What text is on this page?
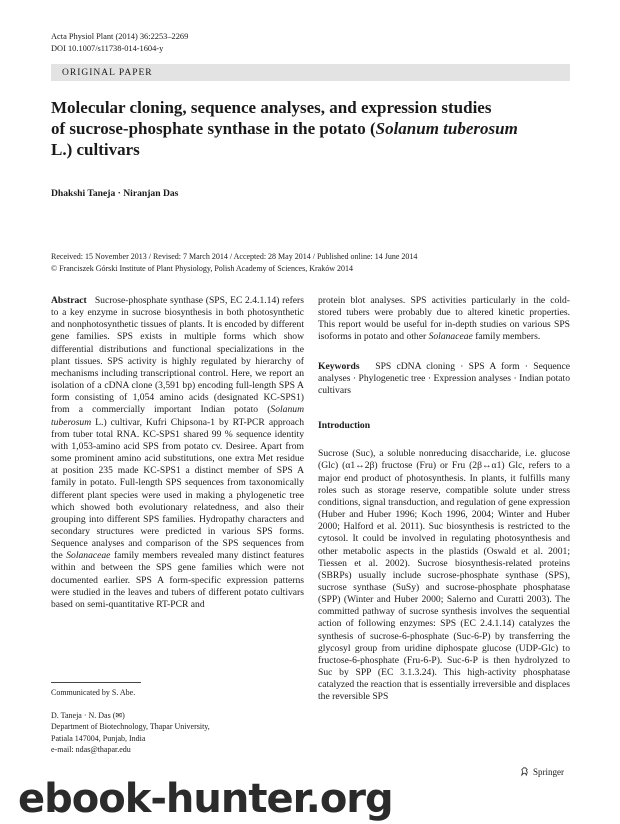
Acta Physiol Plant (2014) 36:2253–2269
DOI 10.1007/s11738-014-1604-y
ORIGINAL PAPER
Molecular cloning, sequence analyses, and expression studies
of sucrose-phosphate synthase in the potato (Solanum tuberosum
L.) cultivars
Dhakshi Taneja · Niranjan Das
Received: 15 November 2013 / Revised: 7 March 2014 / Accepted: 28 May 2014 / Published online: 14 June 2014
© Franciszek Górski Institute of Plant Physiology, Polish Academy of Sciences, Kraków 2014

Abstract Sucrose-phosphate synthase (SPS, EC 2.4.1.14) refers to a key enzyme in sucrose biosynthesis in both photosynthetic and nonphotosynthetic tissues of plants. It is encoded by different gene families. SPS exists in multiple forms which show differential distributions and functional specializations in the plant tissues. SPS activity is highly regulated by hierarchy of mechanisms including transcriptional control. Here, we report an isolation of a cDNA clone (3,591 bp) encoding full-length SPS A form consisting of 1,054 amino acids (designated KC-SPS1) from a commercially important Indian potato (Solanum tuberosum L.) cultivar, Kufri Chipsona-1 by RT-PCR approach from tuber total RNA. KC-SPS1 shared 99 % sequence identity with 1,053-amino acid SPS from potato cv. Desiree. Apart from some prominent amino acid substitutions, one extra Met residue at position 235 made KC-SPS1 a distinct member of SPS A family in potato. Full-length SPS sequences from taxonomically different plant species were used in making a phylogenetic tree which showed both evolutionary relatedness, and also their grouping into different SPS families. Hydropathy characters and secondary structures were predicted in various SPS forms. Sequence analyses and comparison of the SPS sequences from the Solanaceae family members revealed many distinct features within and between the SPS gene families which were not documented earlier. SPS A form-specific expression patterns were studied in the leaves and tubers of different potato cultivars based on semi-quantitative RT-PCR and

protein blot analyses. SPS activities particularly in the cold-stored tubers were probably due to altered kinetic properties. This report would be useful for in-depth studies on various SPS isoforms in potato and other Solanaceae family members.

Keywords SPS cDNA cloning · SPS A form · Sequence analyses · Phylogenetic tree · Expression analyses · Indian potato cultivars

Introduction

Sucrose (Suc), a soluble nonreducing disaccharide, i.e. glucose (Glc) (α1↔2β) fructose (Fru) or Fru (2β↔α1) Glc, refers to a major end product of photosynthesis. In plants, it fulfills many roles such as storage reserve, compatible solute under stress conditions, signal transduction, and regulation of gene expression (Huber and Huber 1996; Koch 1996, 2004; Winter and Huber 2000; Halford et al. 2011). Suc biosynthesis is restricted to the cytosol. It could be involved in regulating photosynthesis and other metabolic aspects in the plastids (Oswald et al. 2001; Tiessen et al. 2002). Sucrose biosynthesis-related proteins (SBRPs) usually include sucrose-phosphate synthase (SPS), sucrose synthase (SuSy) and sucrose-phosphate phosphatase (SPP) (Winter and Huber 2000; Salerno and Curatti 2003). The committed pathway of sucrose synthesis involves the sequential action of following enzymes: SPS (EC 2.4.1.14) catalyzes the synthesis of sucrose-6-phosphate (Suc-6-P) by transferring the glycosyl group from uridine diphospate glucose (UDP-Glc) to fructose-6-phosphate (Fru-6-P). Suc-6-P is then hydrolyzed to Suc by SPP (EC 3.1.3.24). This high-activity phosphatase catalyzed the reaction that is essentially irreversible and displaces the reversible SPS

Communicated by S. Abe.
D. Taneja · N. Das (✉)
Department of Biotechnology, Thapar University,
Patiala 147004, Punjab, India
e-mail: ndas@thapar.edu
Springer
ebook-hunter.org
